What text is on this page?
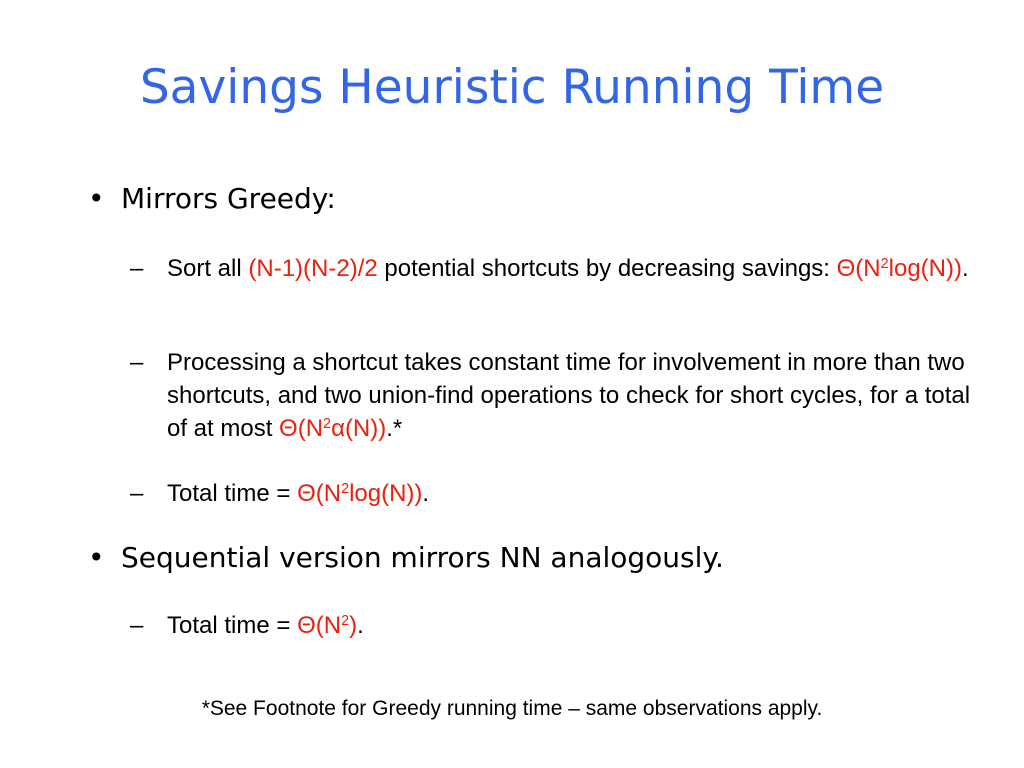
Savings Heuristic Running Time
• Mirrors Greedy:
– Sort all (N-1)(N-2)/2 potential shortcuts by decreasing savings: $\Theta(N^2\log(N))$.
– Processing a shortcut takes constant time for involvement in more than two shortcuts, and two union-find operations to check for short cycles, for a total of at most $\Theta(N^2\alpha(N)).*$
– Total time = $\Theta(N^2\log(N))$.
• Sequential version mirrors NN analogously.
– Total time = $\Theta(N^2)$.
*See Footnote for Greedy running time – same observations apply.
